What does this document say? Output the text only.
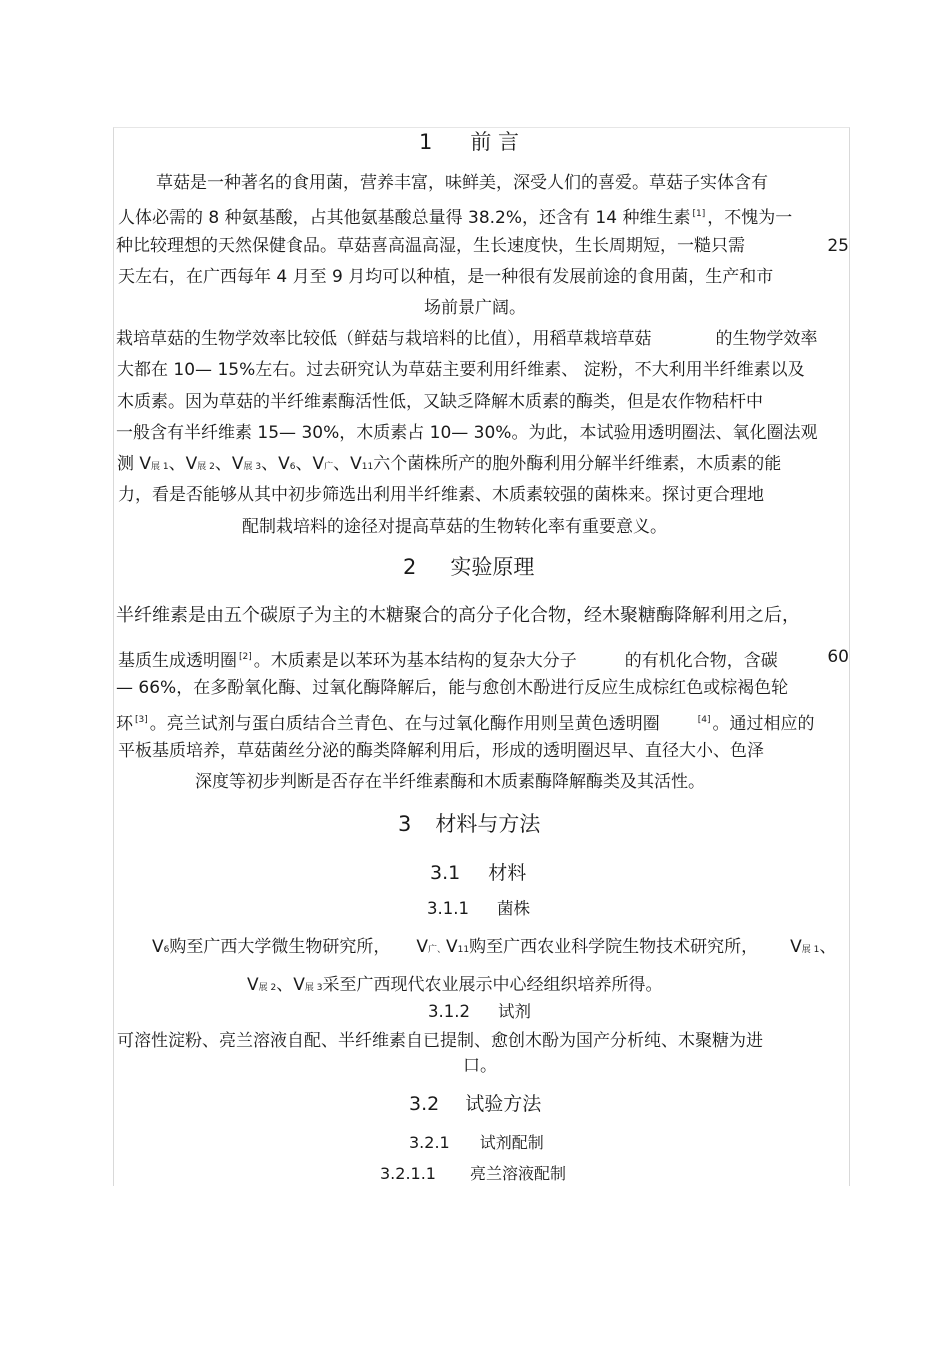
1 前 言
草菇是一种著名的食用菌，营养丰富，味鲜美，深受人们的喜爱。草菇子实体含有
人体必需的 8 种氨基酸，占其他氨基酸总量得 38.2%，还含有 14 种维生素 [1] ，不愧为一
种比较理想的天然保健食品。草菇喜高温高湿，生长速度快，生长周期短，一糙只需	25
天左右，在广西每年 4 月至 9 月均可以种植，是一种很有发展前途的食用菌，生产和市
场前景广阔。
栽培草菇的生物学效率比较低（鲜菇与栽培料的比值），用稻草栽培草菇	的生物学效率
大都在 10— 15%左右。过去研究认为草菇主要利用纤维素、 淀粉，不大利用半纤维素以及
木质素。因为草菇的半纤维素酶活性低，又缺乏降解木质素的酶类，但是农作物秸杆中
一般含有半纤维素 15— 30%，木质素占 10— 30%。为此，本试验用透明圈法、氧化圈法观
测 V展 1、V展 2、V展 3、V6、V广、V11六个菌株所产的胞外酶利用分解半纤维素，木质素的能
力，看是否能够从其中初步筛选出利用半纤维素、木质素较强的菌株来。探讨更合理地
配制栽培料的途径对提高草菇的生物转化率有重要意义。
2 实验原理
半纤维素是由五个碳原子为主的木糖聚合的高分子化合物，经木聚糖酶降解利用之后，
基质生成透明圈 [2] 。木质素是以苯环为基本结构的复杂大分子	的有机化合物，含碳	60
— 66%，在多酚氧化酶、过氧化酶降解后，能与愈创木酚进行反应生成棕红色或棕褐色轮
环 [3] 。亮兰试剂与蛋白质结合兰青色、在与过氧化酶作用则呈黄色透明圈	[4] 。通过相应的
平板基质培养，草菇菌丝分泌的酶类降解利用后，形成的透明圈迟早、直径大小、色泽
深度等初步判断是否存在半纤维素酶和木质素酶降解酶类及其活性。
3 材料与方法
3.1 材料
3.1.1 菌株
V6购至广西大学微生物研究所， V广、V11购至广西农业科学院生物技术研究所， V展 1、
V展 2、V展 3采至广西现代农业展示中心经组织培养所得。
3.1.2 试剂
可溶性淀粉、亮兰溶液自配、半纤维素自已提制、愈创木酚为国产分析纯、木聚糖为进
口。
3.2 试验方法
3.2.1 试剂配制
3.2.1.1 亮兰溶液配制
